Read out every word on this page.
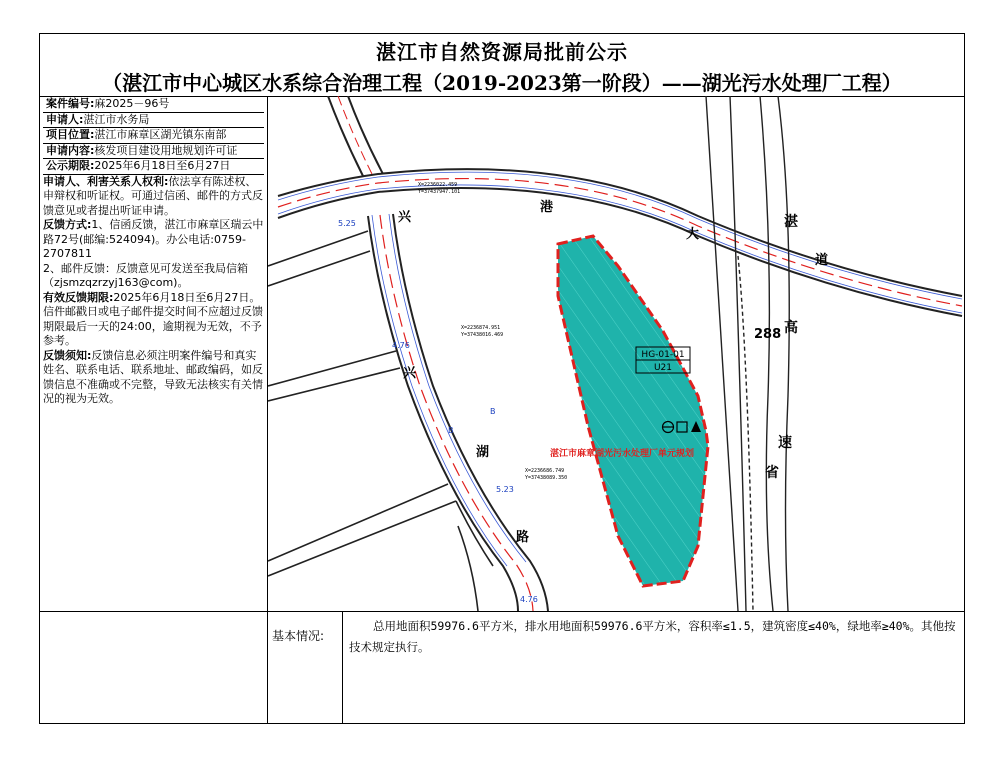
湛江市自然资源局批前公示
（湛江市中心城区水系综合治理工程（2019-2023第一阶段）——湖光污水处理厂工程）

案件编号:麻2025－96号

申请人:湛江市水务局

项目位置:湛江市麻章区湖光镇东南部

申请内容:核发项目建设用地规划许可证

公示期限:2025年6月18日至6月27日

申请人、利害关系人权利:依法享有陈述权、申辩权和听证权。可通过信函、邮件的方式反馈意见或者提出听证申请。

反馈方式:1、信函反馈，湛江市麻章区瑞云中路72号(邮编:524094)。办公电话:0759-2707811

2、邮件反馈：反馈意见可发送至我局信箱（zjsmzqzrzyj163@com)。

有效反馈期限:2025年6月18日至6月27日。信件邮戳日或电子邮件提交时间不应超过反馈期限最后一天的24:00，逾期视为无效，不予参考。

反馈须知:反馈信息必须注明案件编号和真实姓名、联系电话、联系地址、邮政编码，如反馈信息不准确或不完整，导致无法核实有关情况的视为无效。

HG-01-01
U21
湛江市麻章湖光污水处理厂单元规划
兴
港
大
道
兴
湖
路
湛
高
速
省
288
5.25
4.76
5.23
4.76
X=2236022.459
Y=37437947.101
X=2236874.951
Y=37438016.469
X=2236686.749
Y=37438089.350
B
B
基本情况:
总用地面积59976.6平方米，排水用地面积59976.6平方米，容积率≤1.5，建筑密度≤40%，绿地率≥40%。其他按技术规定执行。
